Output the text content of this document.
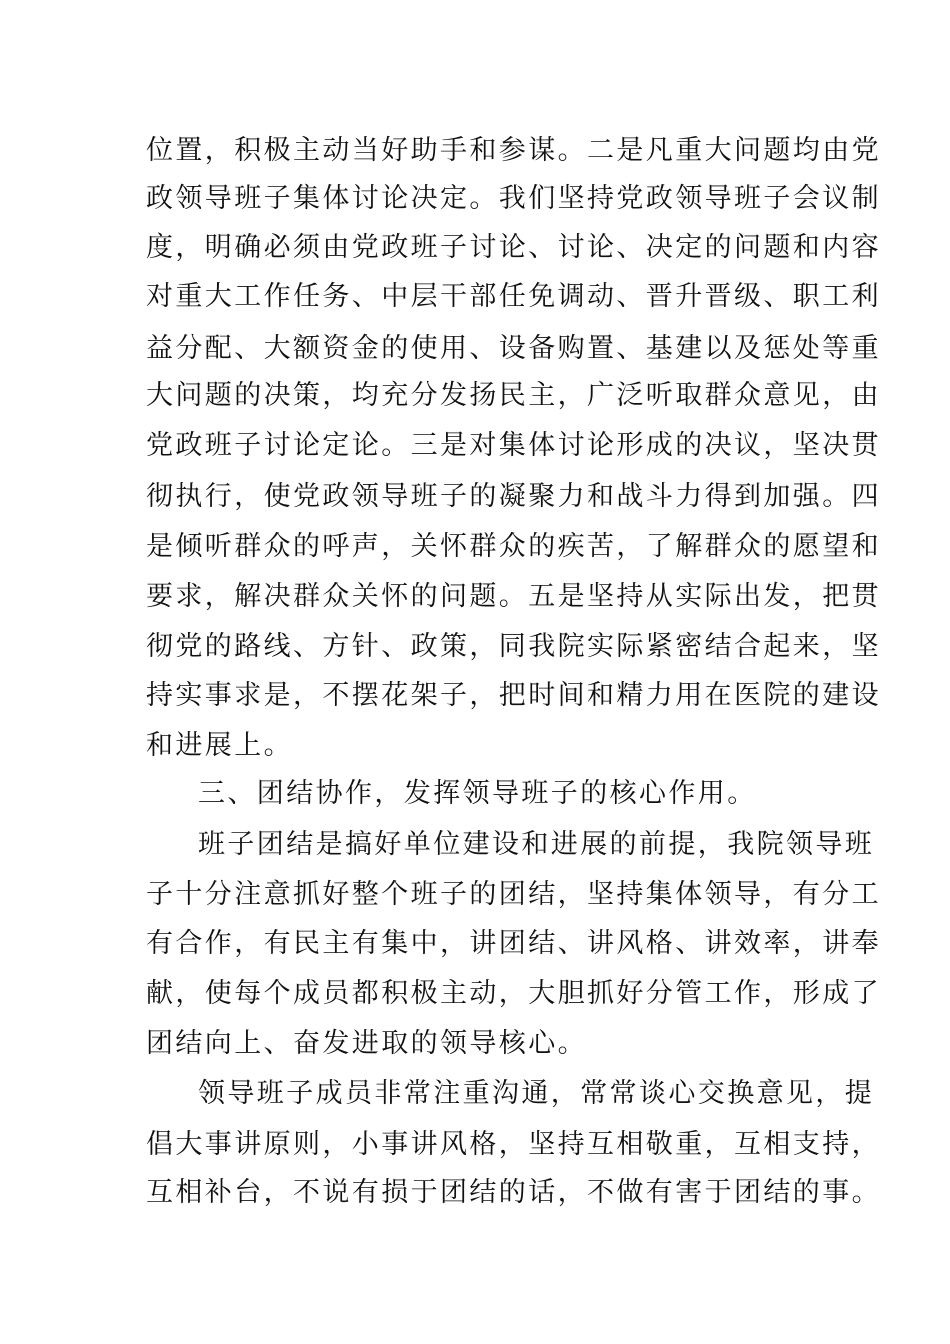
位置，积极主动当好助手和参谋。二是凡重大问题均由党
政领导班子集体讨论决定。我们坚持党政领导班子会议制
度，明确必须由党政班子讨论、讨论、决定的问题和内容
对重大工作任务、中层干部任免调动、晋升晋级、职工利
益分配、大额资金的使用、设备购置、基建以及惩处等重
大问题的决策，均充分发扬民主，广泛听取群众意见，由
党政班子讨论定论。三是对集体讨论形成的决议，坚决贯
彻执行，使党政领导班子的凝聚力和战斗力得到加强。四
是倾听群众的呼声，关怀群众的疾苦，了解群众的愿望和
要求，解决群众关怀的问题。五是坚持从实际出发，把贯
彻党的路线、方针、政策，同我院实际紧密结合起来，坚
持实事求是，不摆花架子，把时间和精力用在医院的建设
和进展上。
三、团结协作，发挥领导班子的核心作用。
班子团结是搞好单位建设和进展的前提，我院领导班
子十分注意抓好整个班子的团结，坚持集体领导，有分工
有合作，有民主有集中，讲团结、讲风格、讲效率，讲奉
献，使每个成员都积极主动，大胆抓好分管工作，形成了
团结向上、奋发进取的领导核心。
领导班子成员非常注重沟通，常常谈心交换意见，提
倡大事讲原则，小事讲风格，坚持互相敬重，互相支持，
互相补台，不说有损于团结的话，不做有害于团结的事。
